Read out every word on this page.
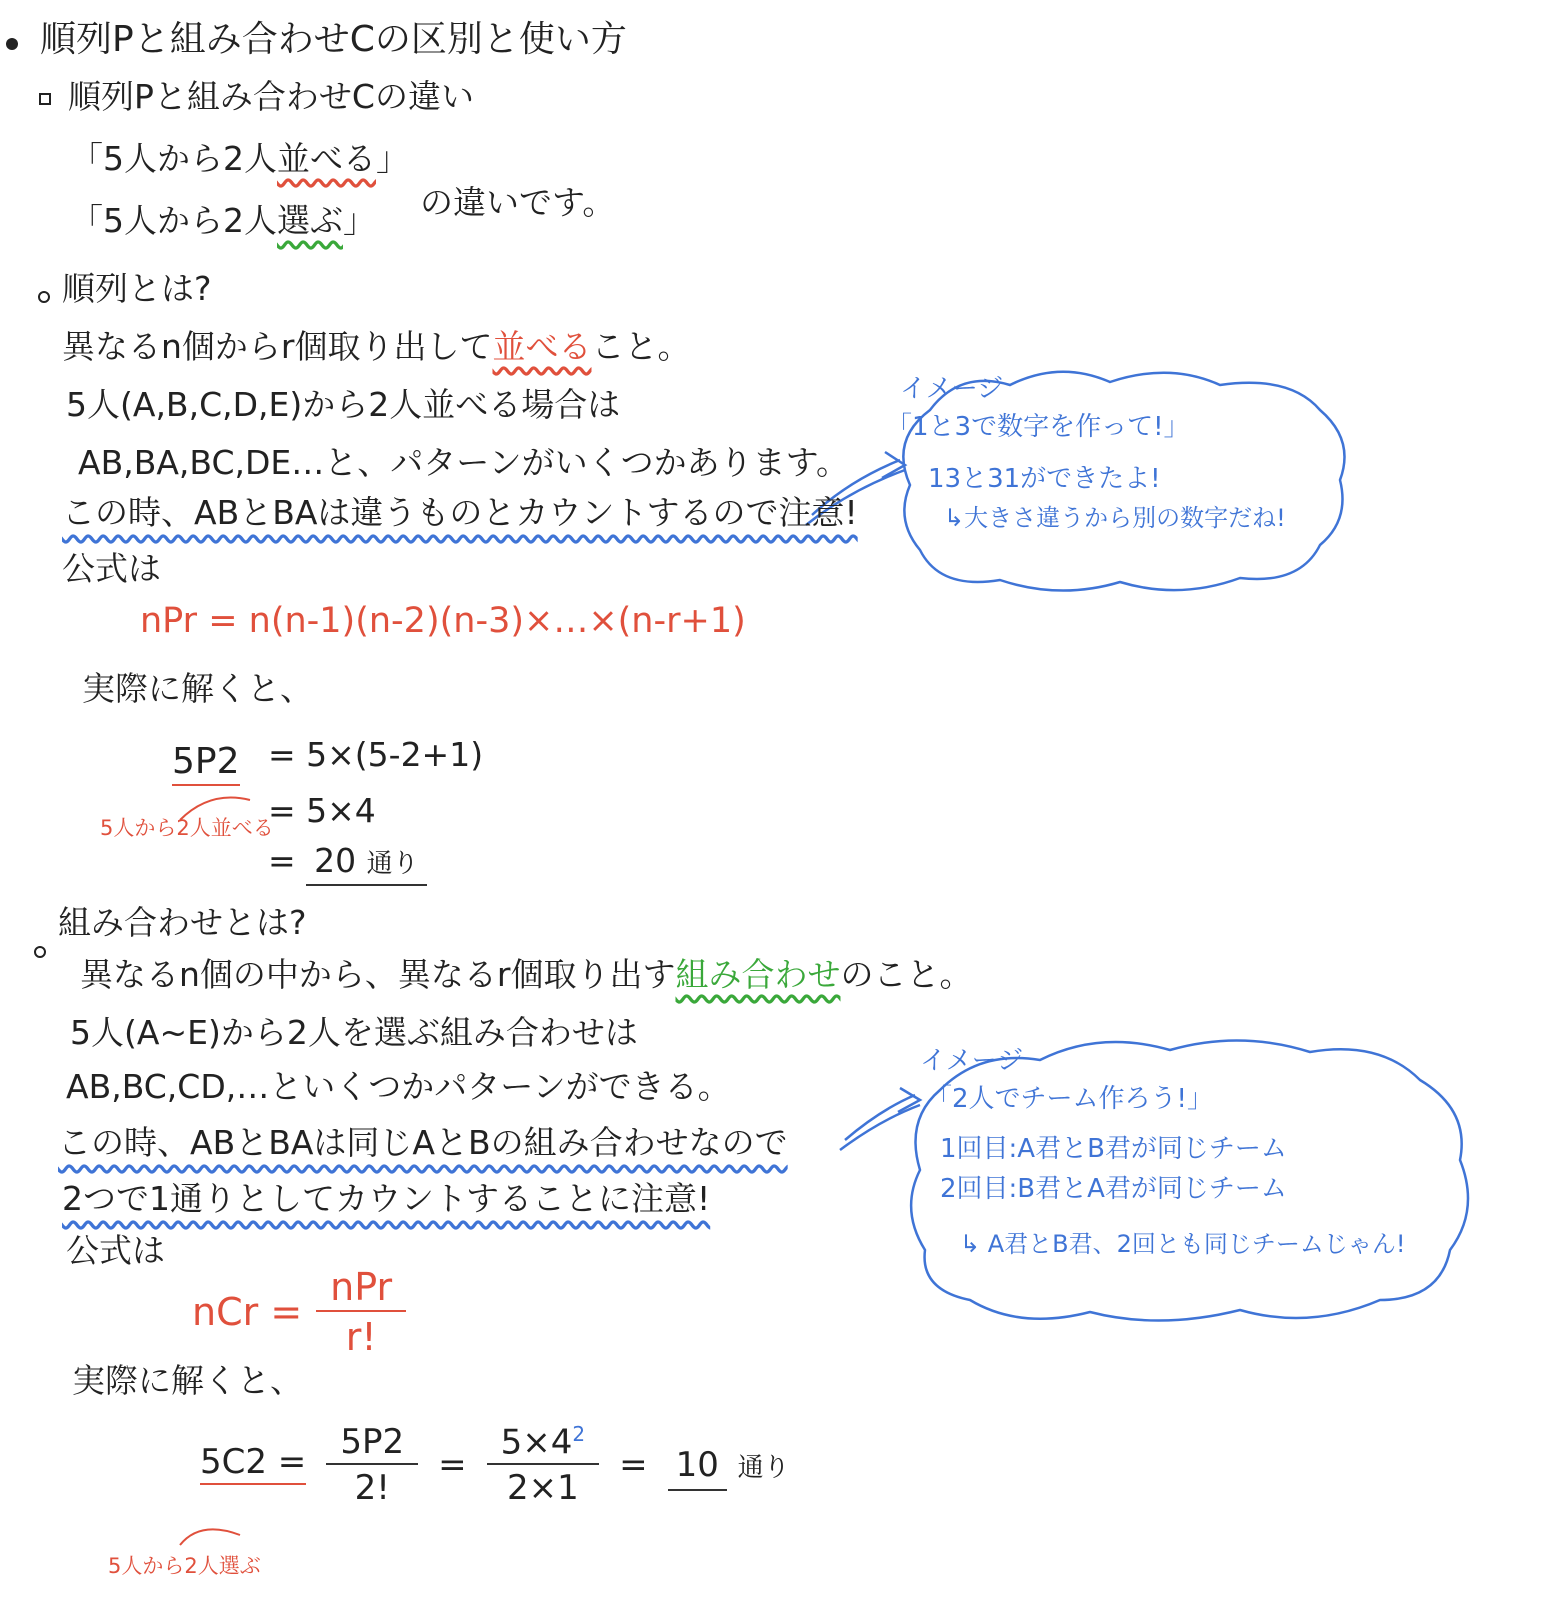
順列Pと組み合わせCの区別と使い方
順列Pと組み合わせCの違い
「5人から2人並べる」
「5人から2人選ぶ」 の違いです。
順列とは?
異なるn個からr個取り出して並べること。
5人(A,B,C,D,E)から2人並べる場合は
AB,BA,BC,DE…と、パターンがいくつかあります。
この時、ABとBAは違うものとカウントするので注意!
公式は
nPr = n(n-1)(n-2)(n-3)×…×(n-r+1)
実際に解くと、
5P2 = 5×(5-2+1)
= 5×4
= 20 通り
5人から2人並べる
イメージ
「1と3で数字を作って!」
13と31ができたよ!
↳大きさ違うから別の数字だね!
組み合わせとは?
異なるn個の中から、異なるr個取り出す組み合わせのこと。
5人(A~E)から2人を選ぶ組み合わせは
AB,BC,CD,…といくつかパターンができる。
この時、ABとBAは同じAとBの組み合わせなので
2つで1通りとしてカウントすることに注意!
公式は
nCr = $\frac{\text{nPr}}{r!}$
実際に解くと、
$5C2 = \frac{5P2}{2!} = \frac{5\times 4^2}{2\times 1} = 10$ 通り
5人から2人選ぶ
イメージ
「2人でチーム作ろう!」
1回目:A君とB君が同じチーム
2回目:B君とA君が同じチーム
↳ A君とB君、2回とも同じチームじゃん!
